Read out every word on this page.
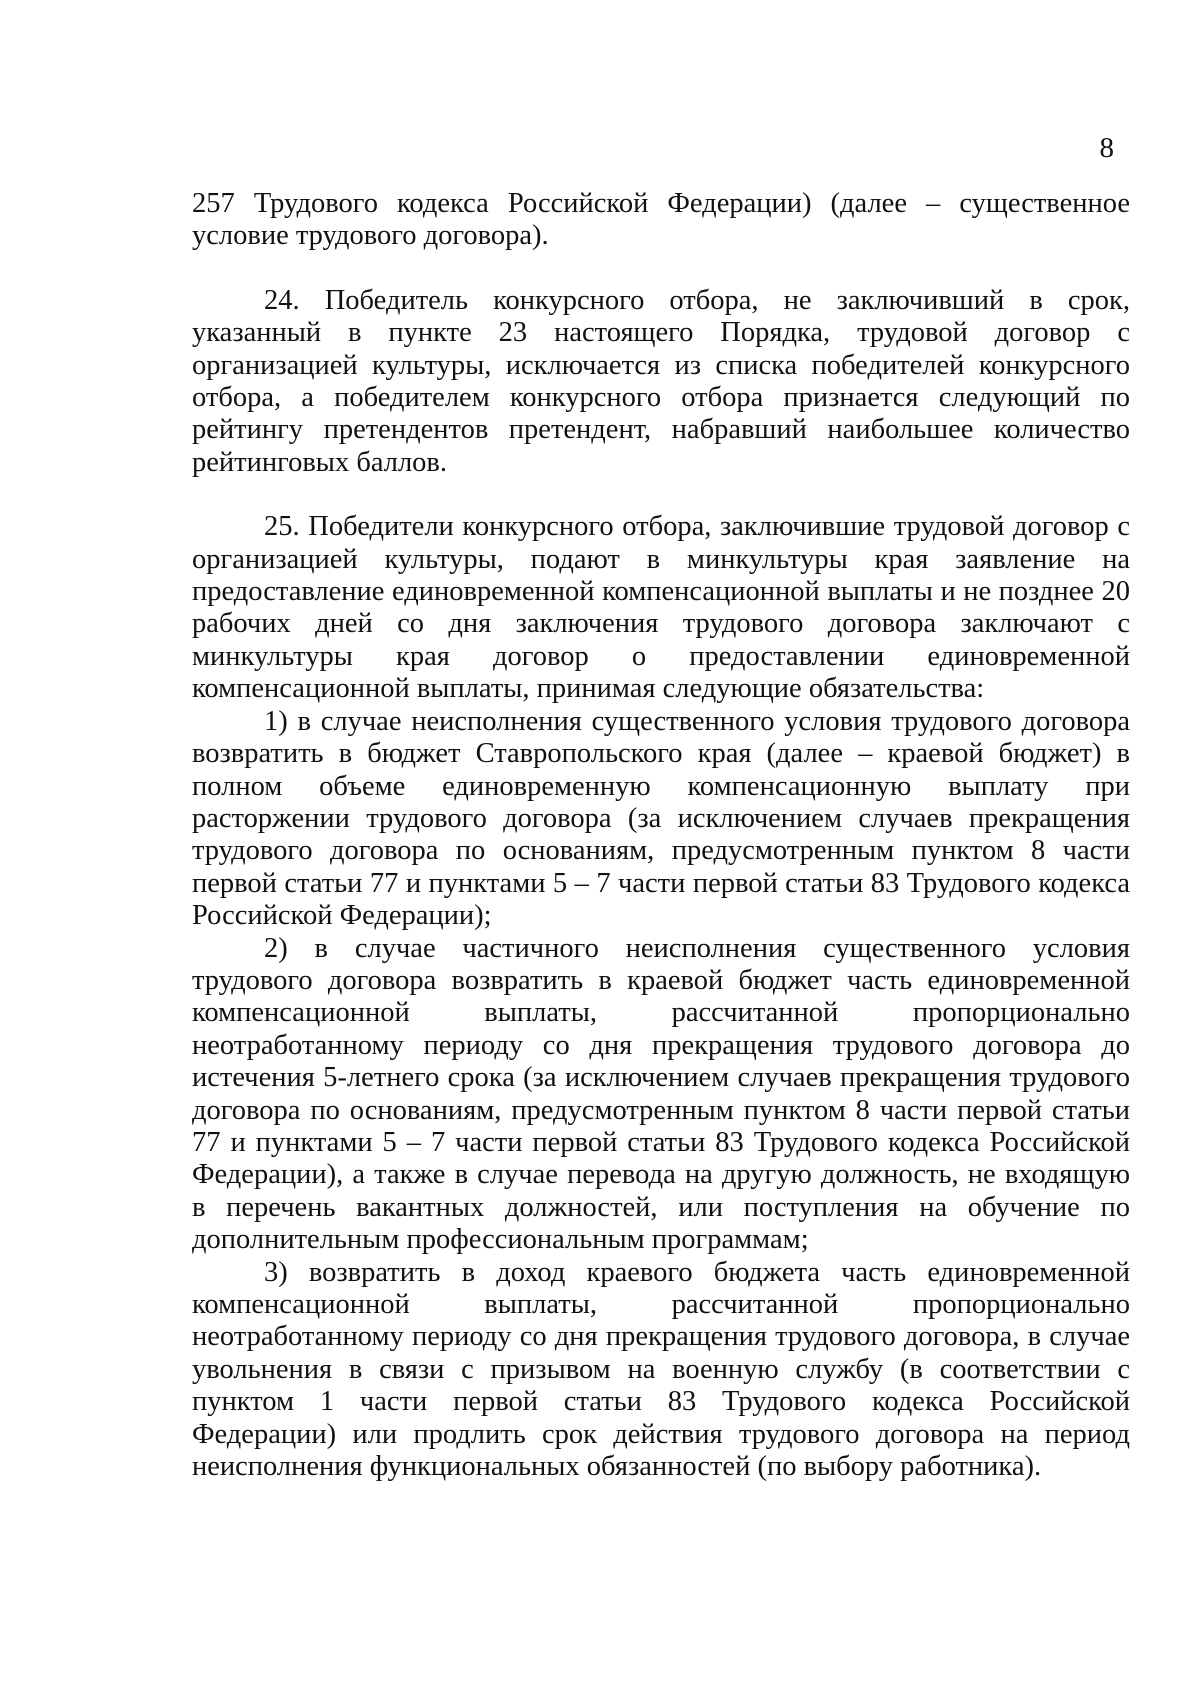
8

257 Трудового кодекса Российской Федерации) (далее – существенное условие трудового договора).

24. Победитель конкурсного отбора, не заключивший в срок, указанный в пункте 23 настоящего Порядка, трудовой договор с организацией культуры, исключается из списка победителей конкурсного отбора, а победителем конкурсного отбора признается следующий по рейтингу претендентов претендент, набравший наибольшее количество рейтинговых баллов.

25. Победители конкурсного отбора, заключившие трудовой договор с организацией культуры, подают в минкультуры края заявление на предоставление единовременной компенсационной выплаты и не позднее 20 рабочих дней со дня заключения трудового договора заключают с минкультуры края договор о предоставлении единовременной компенсационной выплаты, принимая следующие обязательства:

1) в случае неисполнения существенного условия трудового договора возвратить в бюджет Ставропольского края (далее – краевой бюджет) в полном объеме единовременную компенсационную выплату при расторжении трудового договора (за исключением случаев прекращения трудового договора по основаниям, предусмотренным пунктом 8 части первой статьи 77 и пунктами 5 – 7 части первой статьи 83 Трудового кодекса Российской Федерации);

2) в случае частичного неисполнения существенного условия трудового договора возвратить в краевой бюджет часть единовременной компенсационной выплаты, рассчитанной пропорционально неотработанному периоду со дня прекращения трудового договора до истечения 5-летнего срока (за исключением случаев прекращения трудового договора по основаниям, предусмотренным пунктом 8 части первой статьи 77 и пунктами 5 – 7 части первой статьи 83 Трудового кодекса Российской Федерации), а также в случае перевода на другую должность, не входящую в перечень вакантных должностей, или поступления на обучение по дополнительным профессиональным программам;

3) возвратить в доход краевого бюджета часть единовременной компенсационной выплаты, рассчитанной пропорционально неотработанному периоду со дня прекращения трудового договора, в случае увольнения в связи с призывом на военную службу (в соответствии с пунктом 1 части первой статьи 83 Трудового кодекса Российской Федерации) или продлить срок действия трудового договора на период неисполнения функциональных обязанностей (по выбору работника).
